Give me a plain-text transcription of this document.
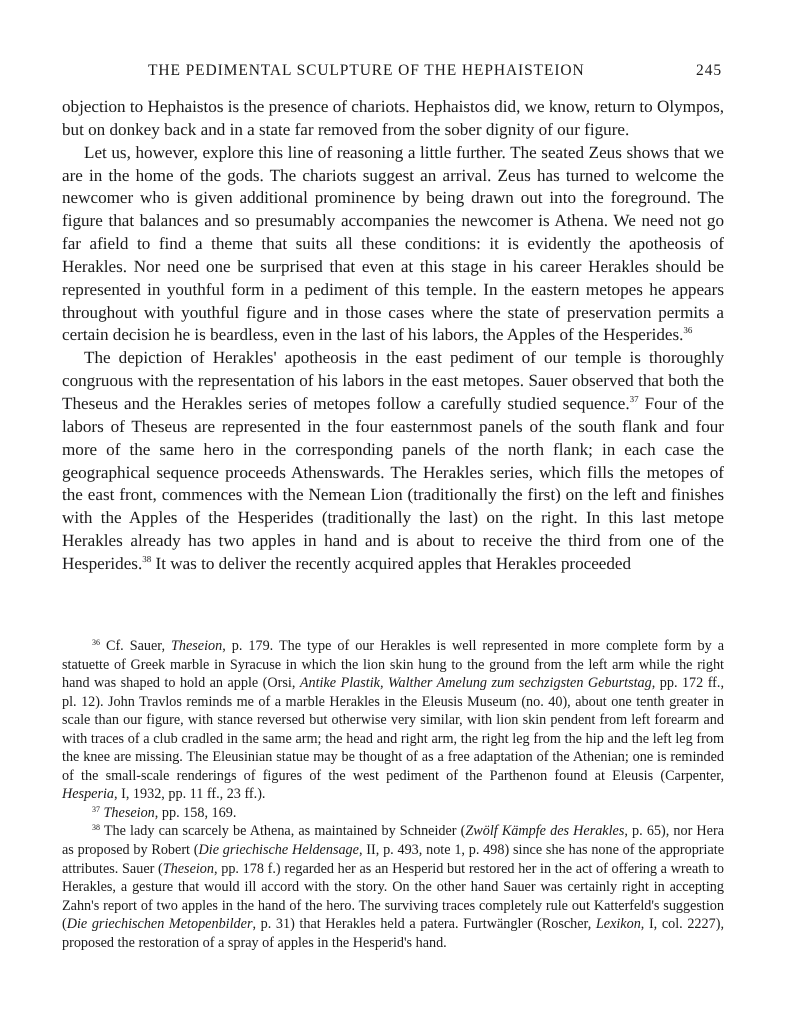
THE PEDIMENTAL SCULPTURE OF THE HEPHAISTEION	245

objection to Hephaistos is the presence of chariots. Hephaistos did, we know, return to Olympos, but on donkey back and in a state far removed from the sober dignity of our figure.

Let us, however, explore this line of reasoning a little further. The seated Zeus shows that we are in the home of the gods. The chariots suggest an arrival. Zeus has turned to welcome the newcomer who is given additional prominence by being drawn out into the foreground. The figure that balances and so presumably accompanies the newcomer is Athena. We need not go far afield to find a theme that suits all these conditions: it is evidently the apotheosis of Herakles. Nor need one be surprised that even at this stage in his career Herakles should be represented in youthful form in a pediment of this temple. In the eastern metopes he appears throughout with youthful figure and in those cases where the state of preservation permits a certain decision he is beardless, even in the last of his labors, the Apples of the Hesperides.$^{36}$

The depiction of Herakles' apotheosis in the east pediment of our temple is thoroughly congruous with the representation of his labors in the east metopes. Sauer observed that both the Theseus and the Herakles series of metopes follow a carefully studied sequence.$^{37}$ Four of the labors of Theseus are represented in the four easternmost panels of the south flank and four more of the same hero in the corresponding panels of the north flank; in each case the geographical sequence proceeds Athenswards. The Herakles series, which fills the metopes of the east front, commences with the Nemean Lion (traditionally the first) on the left and finishes with the Apples of the Hesperides (traditionally the last) on the right. In this last metope Herakles already has two apples in hand and is about to receive the third from one of the Hesperides.$^{38}$ It was to deliver the recently acquired apples that Herakles proceeded

$^{36}$ Cf. Sauer, Theseion, p. 179. The type of our Herakles is well represented in more complete form by a statuette of Greek marble in Syracuse in which the lion skin hung to the ground from the left arm while the right hand was shaped to hold an apple (Orsi, Antike Plastik, Walther Amelung zum sechzigsten Geburtstag, pp. 172 ff., pl. 12). John Travlos reminds me of a marble Herakles in the Eleusis Museum (no. 40), about one tenth greater in scale than our figure, with stance reversed but otherwise very similar, with lion skin pendent from left forearm and with traces of a club cradled in the same arm; the head and right arm, the right leg from the hip and the left leg from the knee are missing. The Eleusinian statue may be thought of as a free adaptation of the Athenian; one is reminded of the small-scale renderings of figures of the west pediment of the Parthenon found at Eleusis (Carpenter, Hesperia, I, 1932, pp. 11 ff., 23 ff.).

$^{37}$ Theseion, pp. 158, 169.

$^{38}$ The lady can scarcely be Athena, as maintained by Schneider (Zwölf Kämpfe des Herakles, p. 65), nor Hera as proposed by Robert (Die griechische Heldensage, II, p. 493, note 1, p. 498) since she has none of the appropriate attributes. Sauer (Theseion, pp. 178 f.) regarded her as an Hesperid but restored her in the act of offering a wreath to Herakles, a gesture that would ill accord with the story. On the other hand Sauer was certainly right in accepting Zahn's report of two apples in the hand of the hero. The surviving traces completely rule out Katterfeld's suggestion (Die griechischen Metopenbilder, p. 31) that Herakles held a patera. Furtwängler (Roscher, Lexikon, I, col. 2227), proposed the restoration of a spray of apples in the Hesperid's hand.
